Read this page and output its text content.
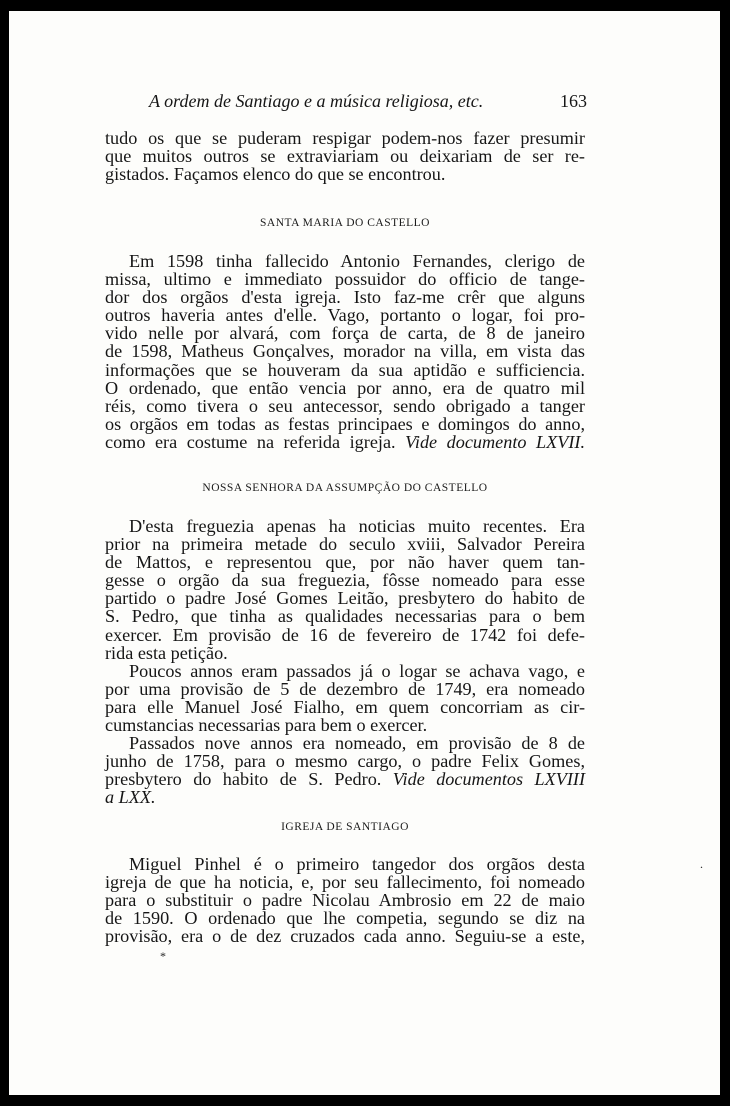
A ordem de Santiago e a música religiosa, etc.	163
tudo os que se puderam respigar podem-nos fazer presumir
que muitos outros se extraviariam ou deixariam de ser re-
gistados. Façamos elenco do que se encontrou.
SANTA MARIA DO CASTELLO
Em 1598 tinha fallecido Antonio Fernandes, clerigo de
missa, ultimo e immediato possuidor do officio de tange-
dor dos orgãos d'esta igreja. Isto faz-me crêr que alguns
outros haveria antes d'elle. Vago, portanto o logar, foi pro-
vido nelle por alvará, com força de carta, de 8 de janeiro
de 1598, Matheus Gonçalves, morador na villa, em vista das
informações que se houveram da sua aptidão e sufficiencia.
O ordenado, que então vencia por anno, era de quatro mil
réis, como tivera o seu antecessor, sendo obrigado a tanger
os orgãos em todas as festas principaes e domingos do anno,
como era costume na referida igreja. Vide documento LXVII.
NOSSA SENHORA DA ASSUMPÇÃO DO CASTELLO
D'esta freguezia apenas ha noticias muito recentes. Era
prior na primeira metade do seculo xviii, Salvador Pereira
de Mattos, e representou que, por não haver quem tan-
gesse o orgão da sua freguezia, fôsse nomeado para esse
partido o padre José Gomes Leitão, presbytero do habito de
S. Pedro, que tinha as qualidades necessarias para o bem
exercer. Em provisão de 16 de fevereiro de 1742 foi defe-
rida esta petição.
Poucos annos eram passados já o logar se achava vago, e
por uma provisão de 5 de dezembro de 1749, era nomeado
para elle Manuel José Fialho, em quem concorriam as cir-
cumstancias necessarias para bem o exercer.
Passados nove annos era nomeado, em provisão de 8 de
junho de 1758, para o mesmo cargo, o padre Felix Gomes,
presbytero do habito de S. Pedro. Vide documentos LXVIII
a LXX.
IGREJA DE SANTIAGO
Miguel Pinhel é o primeiro tangedor dos orgãos desta
igreja de que ha noticia, e, por seu fallecimento, foi nomeado
para o substituir o padre Nicolau Ambrosio em 22 de maio
de 1590. O ordenado que lhe competia, segundo se diz na
provisão, era o de dez cruzados cada anno. Seguiu-se a este,
*
.
